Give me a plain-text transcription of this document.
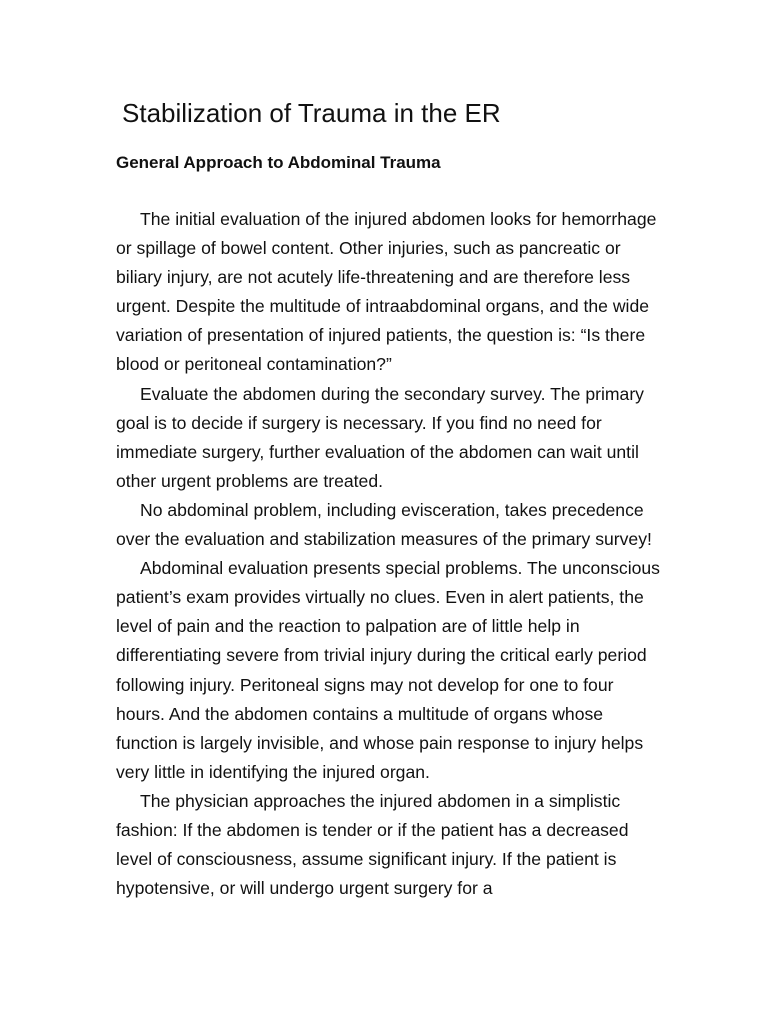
Stabilization of Trauma in the ER
General Approach to Abdominal Trauma

The initial evaluation of the injured abdomen looks for hemorrhage or spillage of bowel content. Other injuries, such as pancreatic or biliary injury, are not acutely life-threatening and are therefore less urgent. Despite the multitude of intraabdominal organs, and the wide variation of presentation of injured patients, the question is: “Is there blood or peritoneal contamination?”

Evaluate the abdomen during the secondary survey. The primary goal is to decide if surgery is necessary. If you find no need for immediate surgery, further evaluation of the abdomen can wait until other urgent problems are treated.

No abdominal problem, including evisceration, takes precedence over the evaluation and stabilization measures of the primary survey!

Abdominal evaluation presents special problems. The unconscious patient’s exam provides virtually no clues. Even in alert patients, the level of pain and the reaction to palpation are of little help in differentiating severe from trivial injury during the critical early period following injury. Peritoneal signs may not develop for one to four hours. And the abdomen contains a multitude of organs whose function is largely invisible, and whose pain response to injury helps very little in identifying the injured organ.

The physician approaches the injured abdomen in a simplistic fashion: If the abdomen is tender or if the patient has a decreased level of consciousness, assume significant injury. If the patient is hypotensive, or will undergo urgent surgery for a
